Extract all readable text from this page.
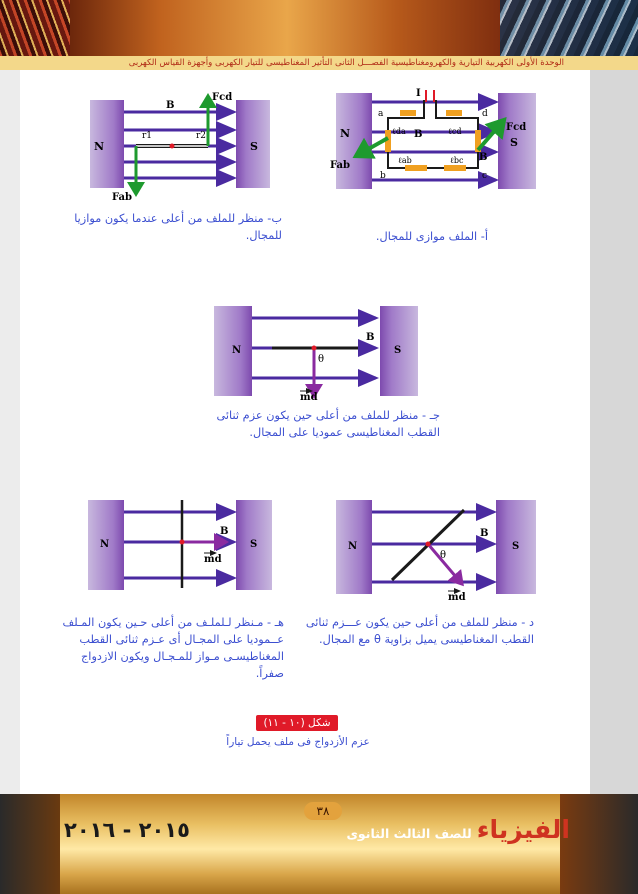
الوحدة الأولى الكهربية التيارية والكهرومغناطيسية الفصـــل الثانى التأثير المغناطيسى للتيار الكهربى وأجهزة القياس الكهربى
N
S
I
a
b	c
d
B
B
ℓda	ℓcd
ℓab	ℓbc
Fcd
Fab
N	S
B
r1	r2
Fcd
Fab
N	S
B
θ
md
N	S
B
θ
md
N	S
B
md
أ- الملف موازى للمجال.
ب- منظر للملف من أعلى عندما يكون موازيا
للمجال.
جـ - منظر للملف من أعلى حين يكون عزم ثنائى
القطب المغناطيسى عموديا على المجال.
د - منظر للملف من أعلى حين يكون عـــزم ثنائى
القطب المغناطيسى يميل بزاوية θ مع المجال.
هـ - مـنظر لـلملـف من أعلى حـين يكون المـلف
عــموديا على المجـال أى عـزم ثنائى القطب
المغناطيسـى مـواز للمـجـال ويكون الازدواج
صفراً.
شكل (١٠ - ١١)
عزم الأزدواج فى ملف يحمل تياراً
٣٨
الفيزياء للصف الثالث الثانوى
٢٠١٥ - ٢٠١٦
